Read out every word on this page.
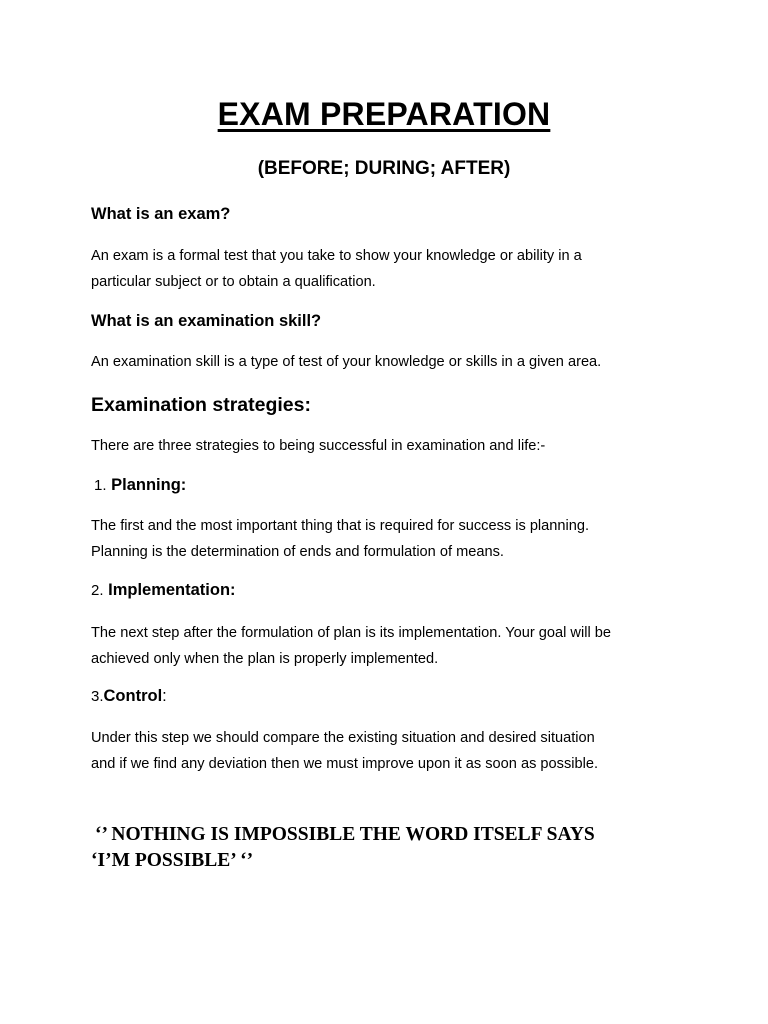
EXAM PREPARATION
(BEFORE; DURING; AFTER)
What is an exam?
An exam is a formal test that you take to show your knowledge or ability in a
particular subject or to obtain a qualification.
What is an examination skill?
An examination skill is a type of test of your knowledge or skills in a given area.
Examination strategies:
There are three strategies to being successful in examination and life:-
1. Planning:
The first and the most important thing that is required for success is planning.
Planning is the determination of ends and formulation of means.
2. Implementation:
The next step after the formulation of plan is its implementation. Your goal will be
achieved only when the plan is properly implemented.
3.Control:
Under this step we should compare the existing situation and desired situation
and if we find any deviation then we must improve upon it as soon as possible.
‘’ NOTHING IS IMPOSSIBLE THE WORD ITSELF SAYS
‘I’M POSSIBLE’ ‘’
